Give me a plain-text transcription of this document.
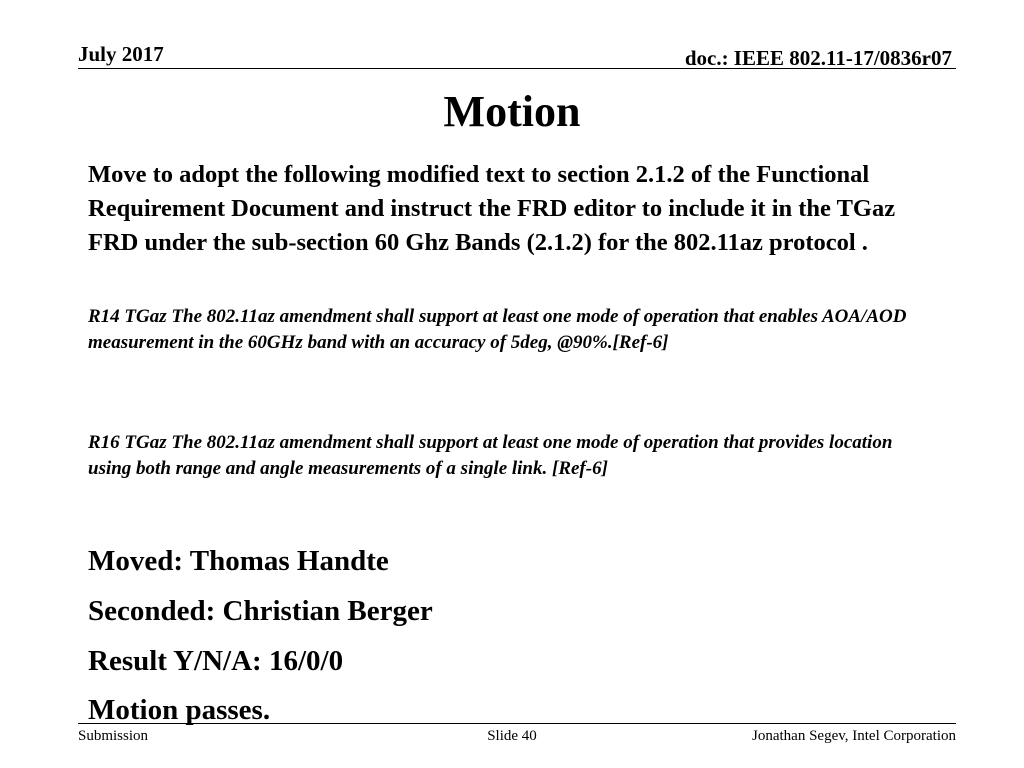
July 2017	doc.: IEEE 802.11-17/0836r07
Motion
Move to adopt the following modified text to section 2.1.2 of the Functional Requirement Document and instruct the FRD editor to include it in the TGaz FRD under the sub-section 60 Ghz Bands (2.1.2) for the 802.11az protocol .
R14 TGaz The 802.11az amendment shall support at least one mode of operation that enables AOA/AOD measurement in the 60GHz band with an accuracy of 5deg, @90%.[Ref-6]
R16 TGaz The 802.11az amendment shall support at least one mode of operation that provides location using both range and angle measurements of a single link. [Ref-6]
Moved: Thomas Handte
Seconded: Christian Berger
Result Y/N/A: 16/0/0
Motion passes.
Submission	Slide 40	Jonathan Segev, Intel Corporation
